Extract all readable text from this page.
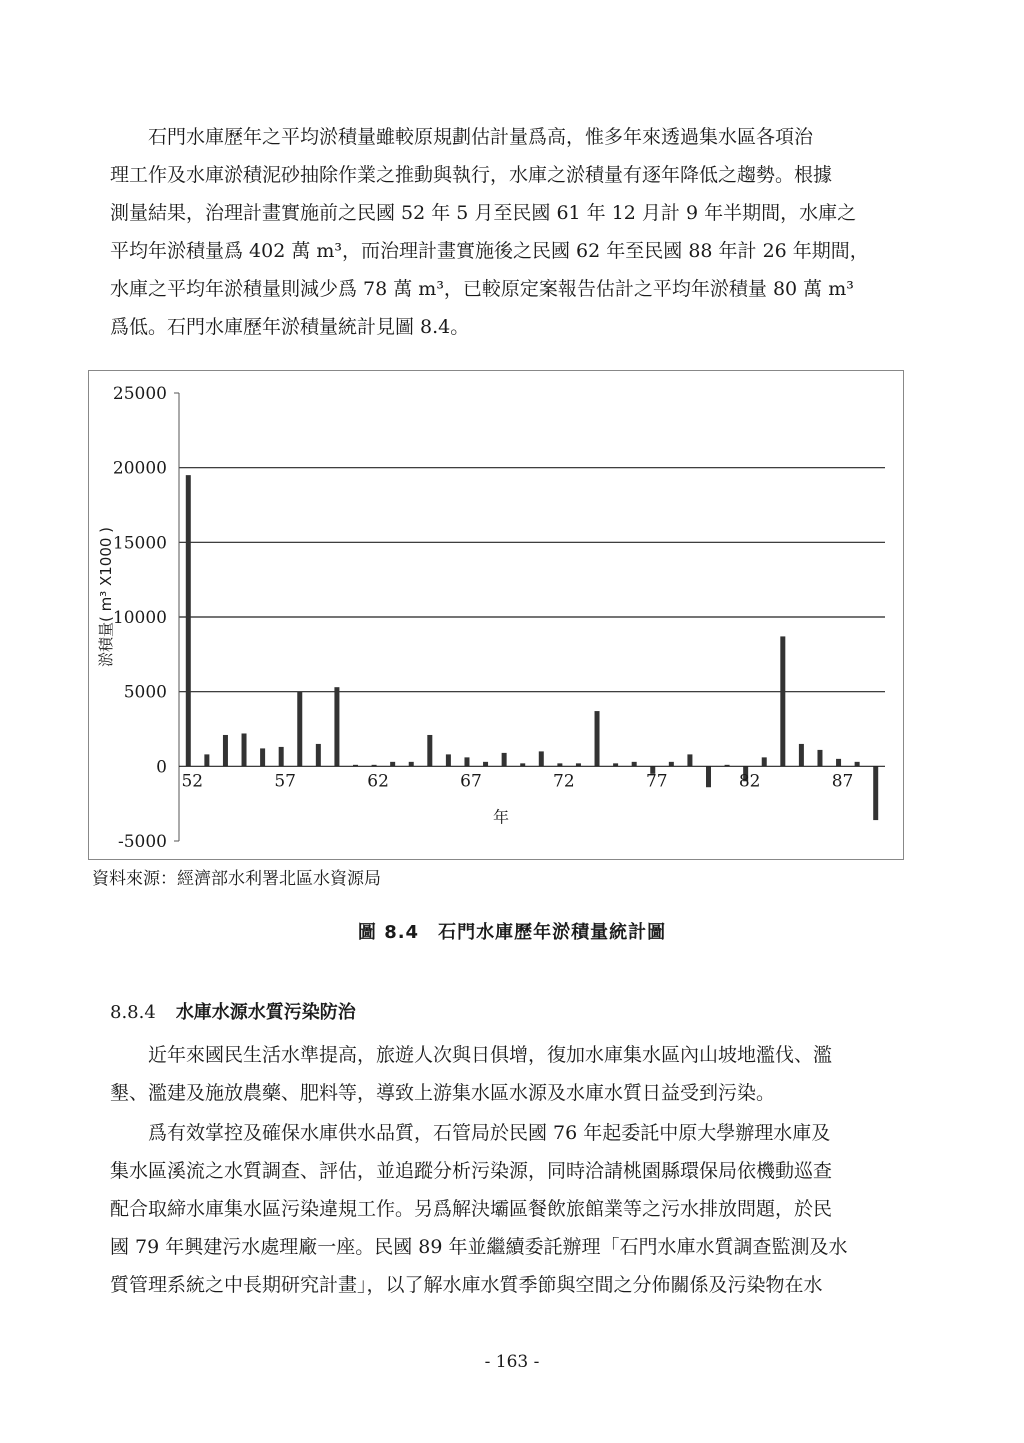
　　石門水庫歷年之平均淤積量雖較原規劃估計量爲高，惟多年來透過集水區各項治
理工作及水庫淤積泥砂抽除作業之推動與執行，水庫之淤積量有逐年降低之趨勢。根據
測量結果，治理計畫實施前之民國 52 年 5 月至民國 61 年 12 月計 9 年半期間，水庫之
平均年淤積量爲 402 萬 m³，而治理計畫實施後之民國 62 年至民國 88 年計 26 年期間，
水庫之平均年淤積量則減少爲 78 萬 m³，已較原定案報告估計之平均年淤積量 80 萬 m³
爲低。石門水庫歷年淤積量統計見圖 8.4。
-5000
0
5000
10000
15000
20000
25000
52	57	62	67	72	77	82	87
年
淤積量( m³ X1000 )
資料來源：經濟部水利署北區水資源局
圖 8.4　石門水庫歷年淤積量統計圖
8.8.4 水庫水源水質污染防治
　　近年來國民生活水準提高，旅遊人次與日俱增，復加水庫集水區內山坡地濫伐、濫
墾、濫建及施放農藥、肥料等，導致上游集水區水源及水庫水質日益受到污染。
　　爲有效掌控及確保水庫供水品質，石管局於民國 76 年起委託中原大學辦理水庫及
集水區溪流之水質調查、評估，並追蹤分析污染源，同時洽請桃園縣環保局依機動巡查
配合取締水庫集水區污染違規工作。另爲解決壩區餐飲旅館業等之污水排放問題，於民
國 79 年興建污水處理廠一座。民國 89 年並繼續委託辦理「石門水庫水質調查監測及水
質管理系統之中長期研究計畫」，以了解水庫水質季節與空間之分佈關係及污染物在水
- 163 -
